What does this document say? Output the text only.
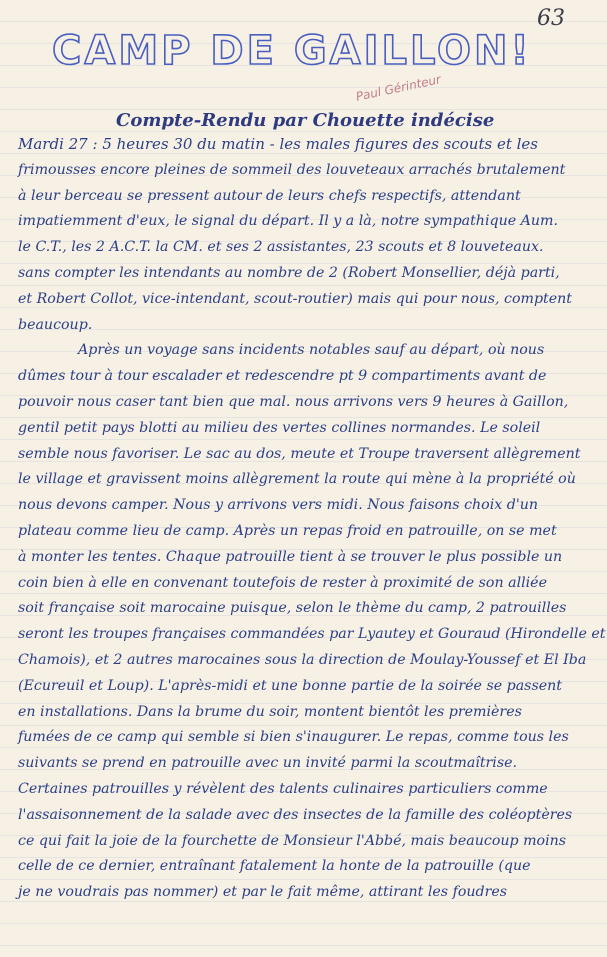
63
CAMP DE GAILLON!
Paul Gérinteur
Compte-Rendu par Chouette indécise
Mardi 27 : 5 heures 30 du matin - les males figures des scouts et les
frimousses encore pleines de sommeil des louveteaux arrachés brutalement
à leur berceau se pressent autour de leurs chefs respectifs, attendant
impatiemment d'eux, le signal du départ. Il y a là, notre sympathique Aum.
le C.T., les 2 A.C.T. la CM. et ses 2 assistantes, 23 scouts et 8 louveteaux.
sans compter les intendants au nombre de 2 (Robert Monsellier, déjà parti,
et Robert Collot, vice-intendant, scout-routier) mais qui pour nous, comptent
beaucoup.
Après un voyage sans incidents notables sauf au départ, où nous
dûmes tour à tour escalader et redescendre pt 9 compartiments avant de
pouvoir nous caser tant bien que mal. nous arrivons vers 9 heures à Gaillon,
gentil petit pays blotti au milieu des vertes collines normandes. Le soleil
semble nous favoriser. Le sac au dos, meute et Troupe traversent allègrement
le village et gravissent moins allègrement la route qui mène à la propriété où
nous devons camper. Nous y arrivons vers midi. Nous faisons choix d'un
plateau comme lieu de camp. Après un repas froid en patrouille, on se met
à monter les tentes. Chaque patrouille tient à se trouver le plus possible un
coin bien à elle en convenant toutefois de rester à proximité de son alliée
soit française soit marocaine puisque, selon le thème du camp, 2 patrouilles
seront les troupes françaises commandées par Lyautey et Gouraud (Hirondelle et
Chamois), et 2 autres marocaines sous la direction de Moulay-Youssef et El Iba
(Ecureuil et Loup). L'après-midi et une bonne partie de la soirée se passent
en installations. Dans la brume du soir, montent bientôt les premières
fumées de ce camp qui semble si bien s'inaugurer. Le repas, comme tous les
suivants se prend en patrouille avec un invité parmi la scoutmaîtrise.
Certaines patrouilles y révèlent des talents culinaires particuliers comme
l'assaisonnement de la salade avec des insectes de la famille des coléoptères
ce qui fait la joie de la fourchette de Monsieur l'Abbé, mais beaucoup moins
celle de ce dernier, entraînant fatalement la honte de la patrouille (que
je ne voudrais pas nommer) et par le fait même, attirant les foudres
